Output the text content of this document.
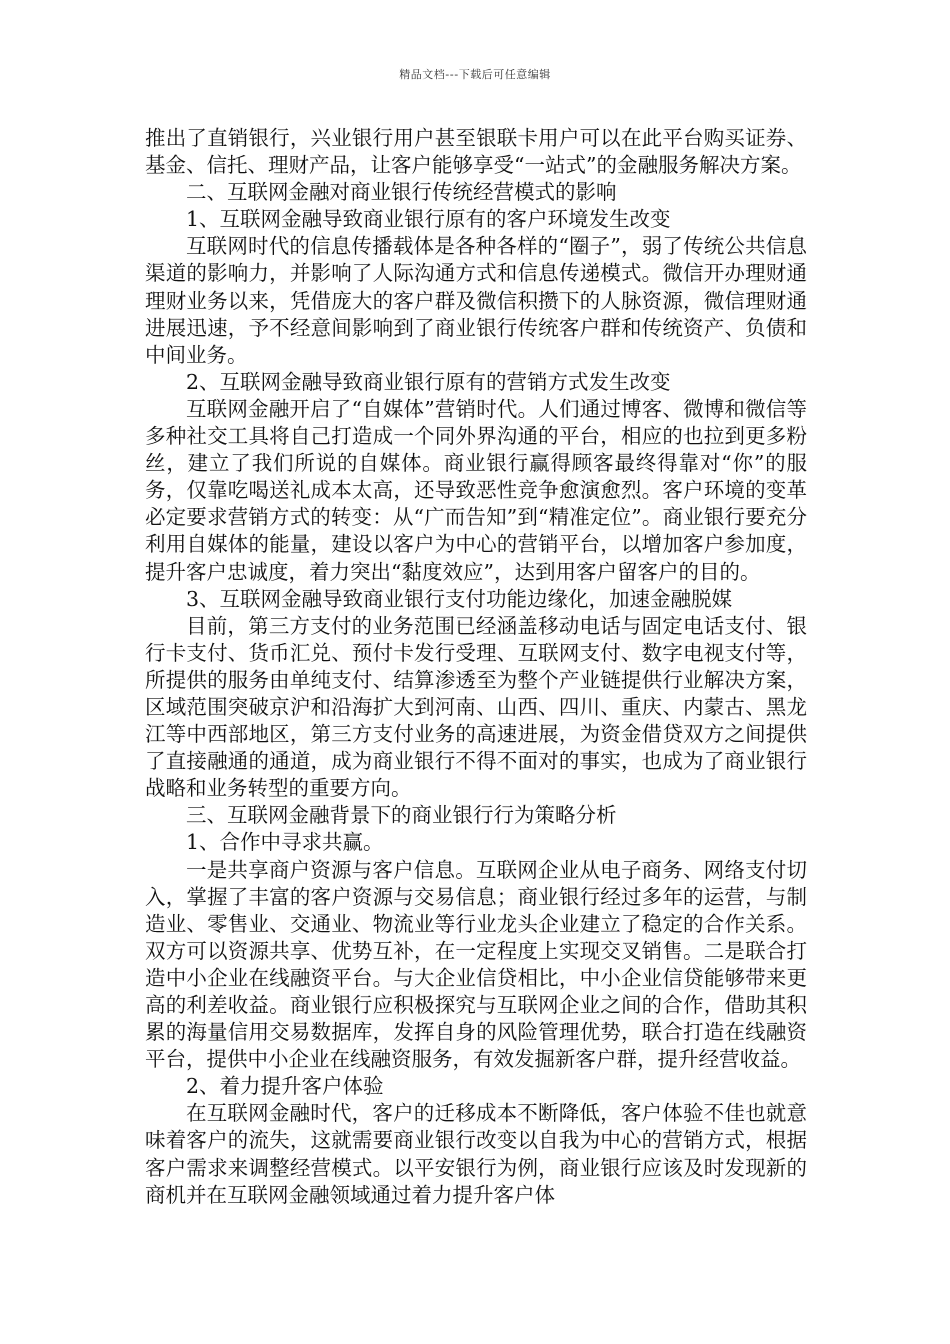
精品文档---下载后可任意编辑

推出了直销银行，兴业银行用户甚至银联卡用户可以在此平台购买证券、基金、信托、理财产品，让客户能够享受“一站式”的金融服务解决方案。

二、互联网金融对商业银行传统经营模式的影响

1、互联网金融导致商业银行原有的客户环境发生改变

互联网时代的信息传播载体是各种各样的“圈子”，弱了传统公共信息渠道的影响力，并影响了人际沟通方式和信息传递模式。微信开办理财通理财业务以来，凭借庞大的客户群及微信积攒下的人脉资源，微信理财通进展迅速，予不经意间影响到了商业银行传统客户群和传统资产、负债和中间业务。

2、互联网金融导致商业银行原有的营销方式发生改变

互联网金融开启了“自媒体”营销时代。人们通过博客、微博和微信等多种社交工具将自己打造成一个同外界沟通的平台，相应的也拉到更多粉丝，建立了我们所说的自媒体。商业银行赢得顾客最终得靠对“你”的服务，仅靠吃喝送礼成本太高，还导致恶性竞争愈演愈烈。客户环境的变革必定要求营销方式的转变：从“广而告知”到“精准定位”。商业银行要充分利用自媒体的能量，建设以客户为中心的营销平台，以增加客户参加度，提升客户忠诚度，着力突出“黏度效应”，达到用客户留客户的目的。

3、互联网金融导致商业银行支付功能边缘化，加速金融脱媒

目前，第三方支付的业务范围已经涵盖移动电话与固定电话支付、银行卡支付、货币汇兑、预付卡发行受理、互联网支付、数字电视支付等，所提供的服务由单纯支付、结算渗透至为整个产业链提供行业解决方案，区域范围突破京沪和沿海扩大到河南、山西、四川、重庆、内蒙古、黑龙江等中西部地区，第三方支付业务的高速进展，为资金借贷双方之间提供了直接融通的通道，成为商业银行不得不面对的事实，也成为了商业银行战略和业务转型的重要方向。

三、互联网金融背景下的商业银行行为策略分析

1、合作中寻求共赢。

一是共享商户资源与客户信息。互联网企业从电子商务、网络支付切入，掌握了丰富的客户资源与交易信息；商业银行经过多年的运营，与制造业、零售业、交通业、物流业等行业龙头企业建立了稳定的合作关系。双方可以资源共享、优势互补，在一定程度上实现交叉销售。二是联合打造中小企业在线融资平台。与大企业信贷相比，中小企业信贷能够带来更高的利差收益。商业银行应积极探究与互联网企业之间的合作，借助其积累的海量信用交易数据库，发挥自身的风险管理优势，联合打造在线融资平台，提供中小企业在线融资服务，有效发掘新客户群，提升经营收益。

2、着力提升客户体验

在互联网金融时代，客户的迁移成本不断降低，客户体验不佳也就意味着客户的流失，这就需要商业银行改变以自我为中心的营销方式，根据客户需求来调整经营模式。以平安银行为例，商业银行应该及时发现新的商机并在互联网金融领域通过着力提升客户体
